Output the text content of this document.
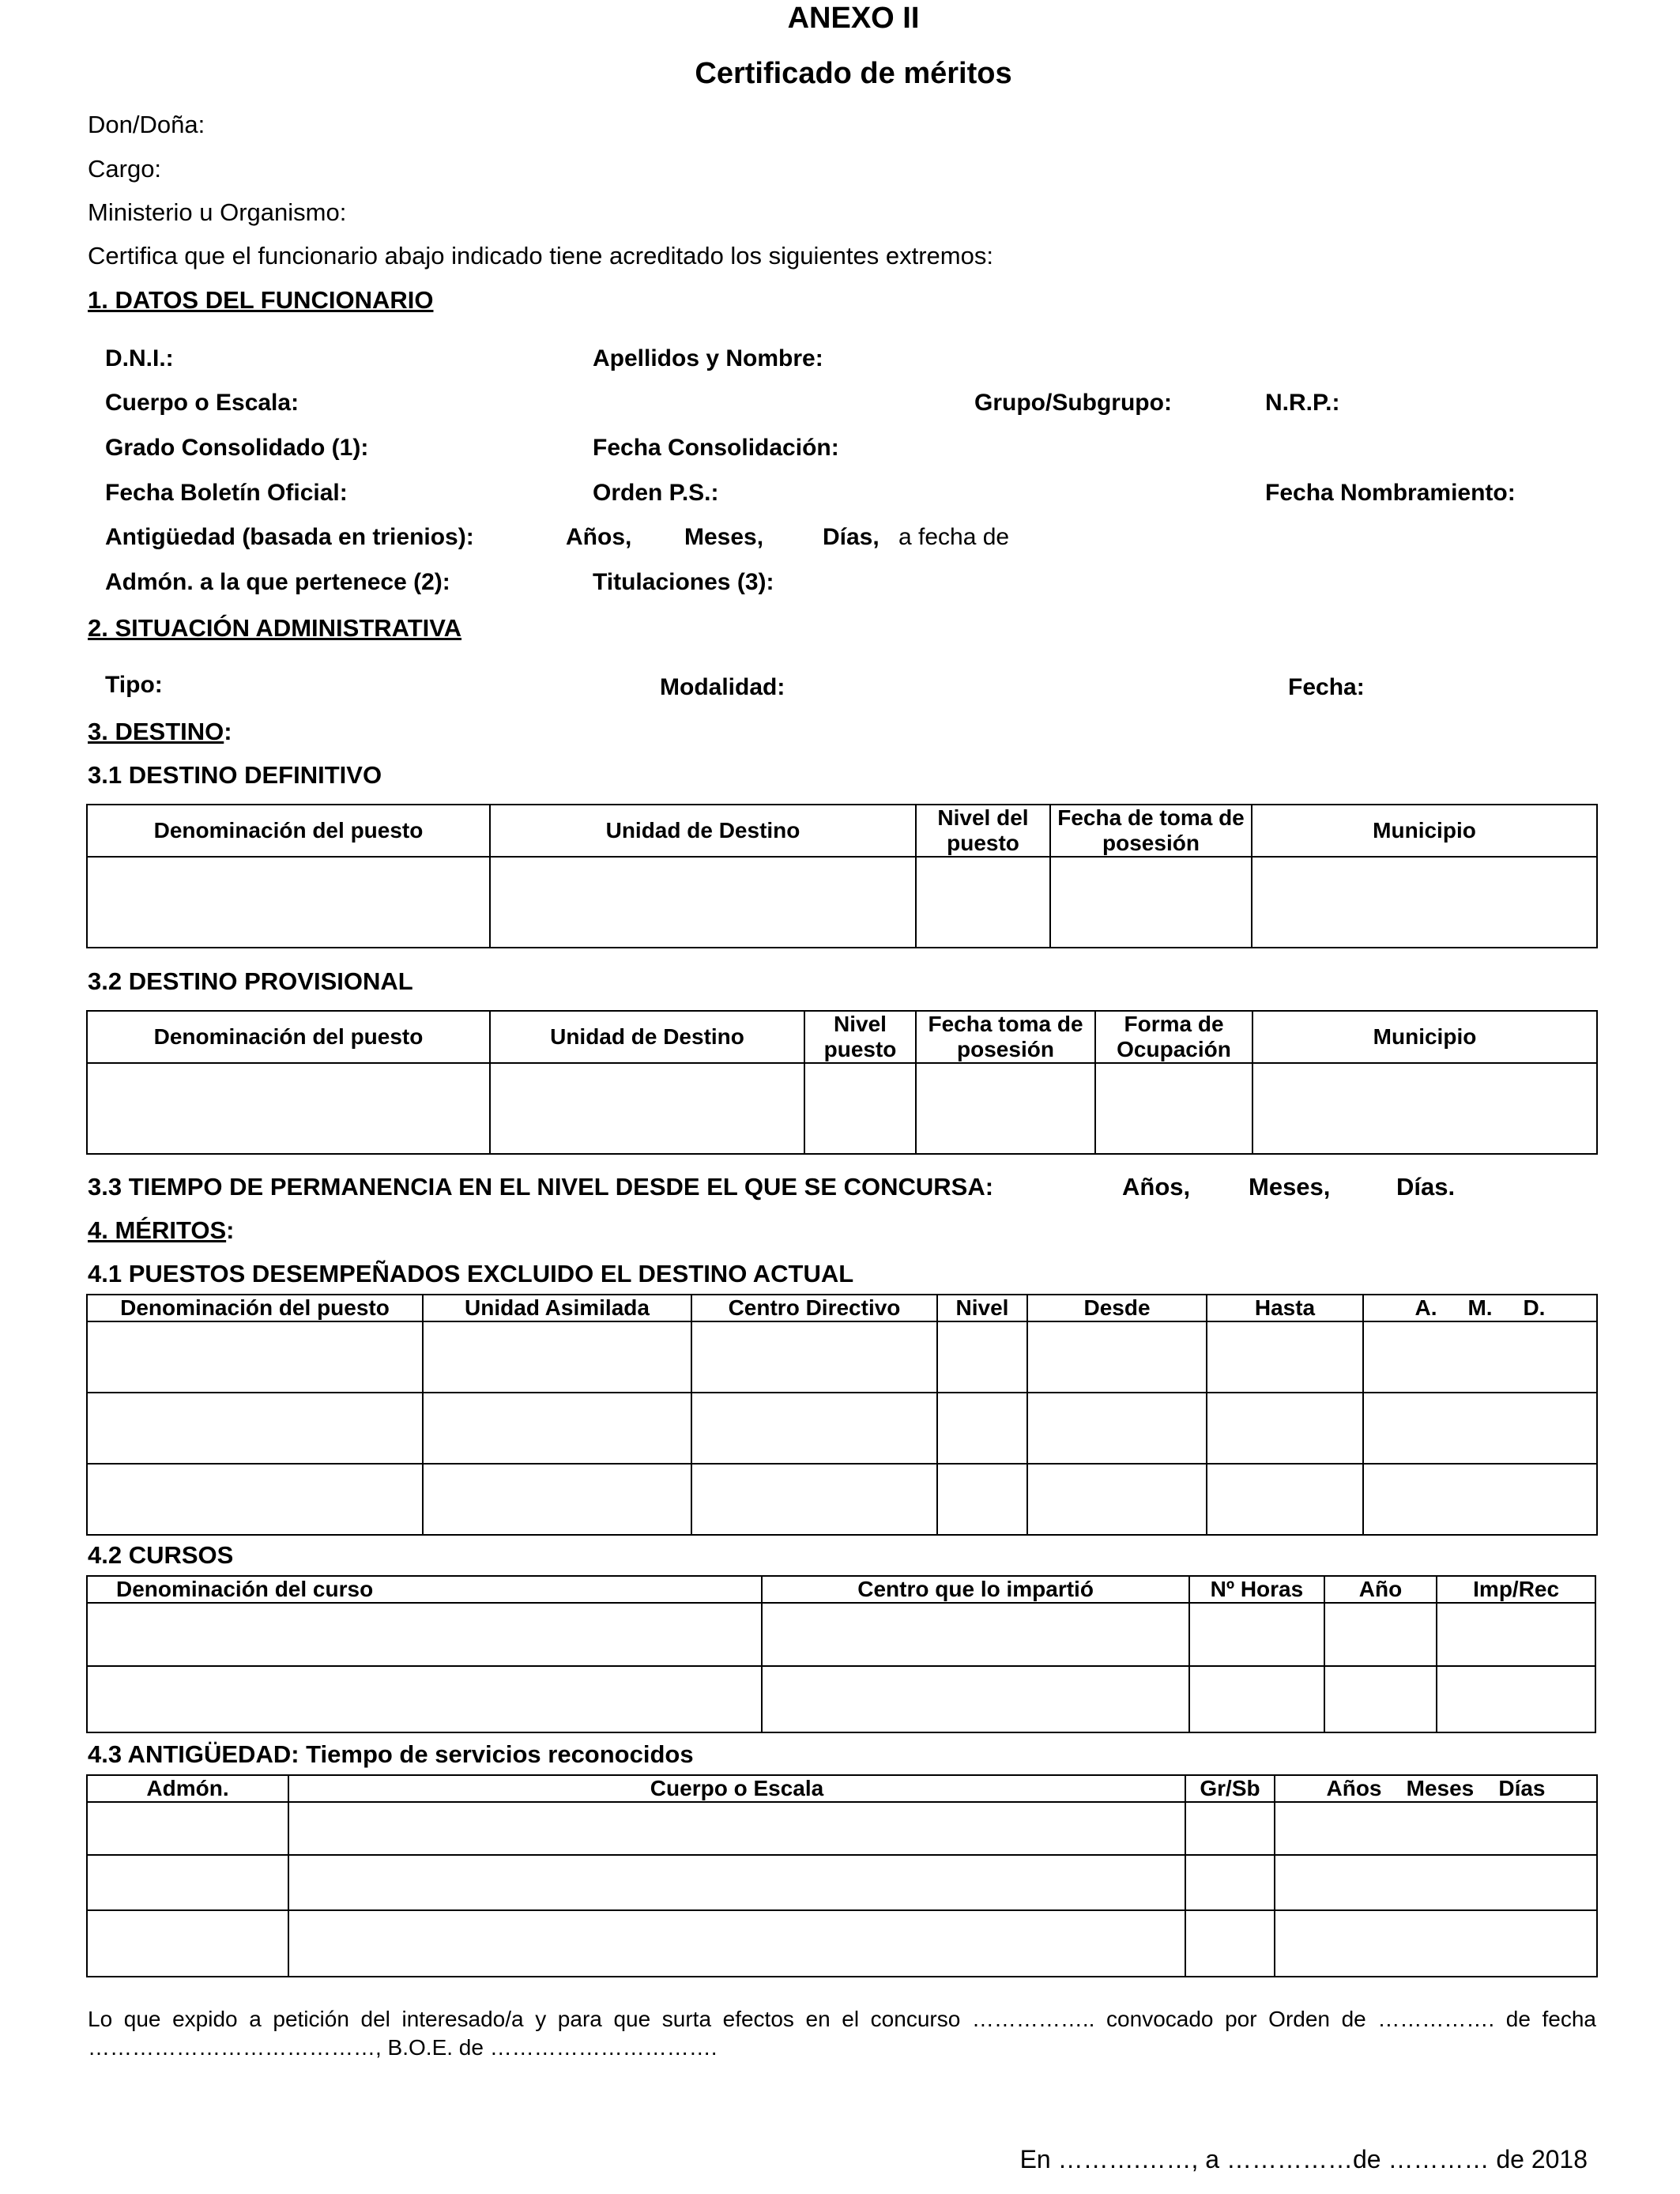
ANEXO II
Certificado de méritos
Don/Doña:
Cargo:
Ministerio u Organismo:
Certifica que el funcionario abajo indicado tiene acreditado los siguientes extremos:
1. DATOS DEL FUNCIONARIO
D.N.I.:	Apellidos y Nombre:
Cuerpo o Escala:	Grupo/Subgrupo:	N.R.P.:
Grado Consolidado (1):	Fecha Consolidación:
Fecha Boletín Oficial:	Orden P.S.:	Fecha Nombramiento:
Antigüedad (basada en trienios):	Años, Meses, Días, a fecha de
Admón. a la que pertenece (2):	Titulaciones (3):
2. SITUACIÓN ADMINISTRATIVA
Tipo:	Modalidad:	Fecha:
3. DESTINO:
3.1 DESTINO DEFINITIVO
Denominación del puesto	Unidad de Destino	Nivel del puesto	Fecha de toma de posesión	Municipio

3.2 DESTINO PROVISIONAL
Denominación del puesto	Unidad de Destino	Nivel puesto	Fecha toma de posesión	Forma de Ocupación	Municipio

3.3 TIEMPO DE PERMANENCIA EN EL NIVEL DESDE EL QUE SE CONCURSA:	Años, Meses,	Días.
4. MÉRITOS:
4.1 PUESTOS DESEMPEÑADOS EXCLUIDO EL DESTINO ACTUAL
Denominación del puesto	Unidad Asimilada	Centro Directivo	Nivel	Desde	Hasta	A.     M.     D.

4.2 CURSOS
Denominación del curso	Centro que lo impartió	Nº Horas	Año	Imp/Rec

4.3 ANTIGÜEDAD: Tiempo de servicios reconocidos
Admón.	Cuerpo o Escala	Gr/Sb	Años    Meses    Días

Lo que expido a petición del interesado/a y para que surta efectos en el concurso …………….. convocado por Orden de ……………. de fecha …………………………………, B.O.E. de ………………………….
En ……….……, a ……………de ………… de 2018
